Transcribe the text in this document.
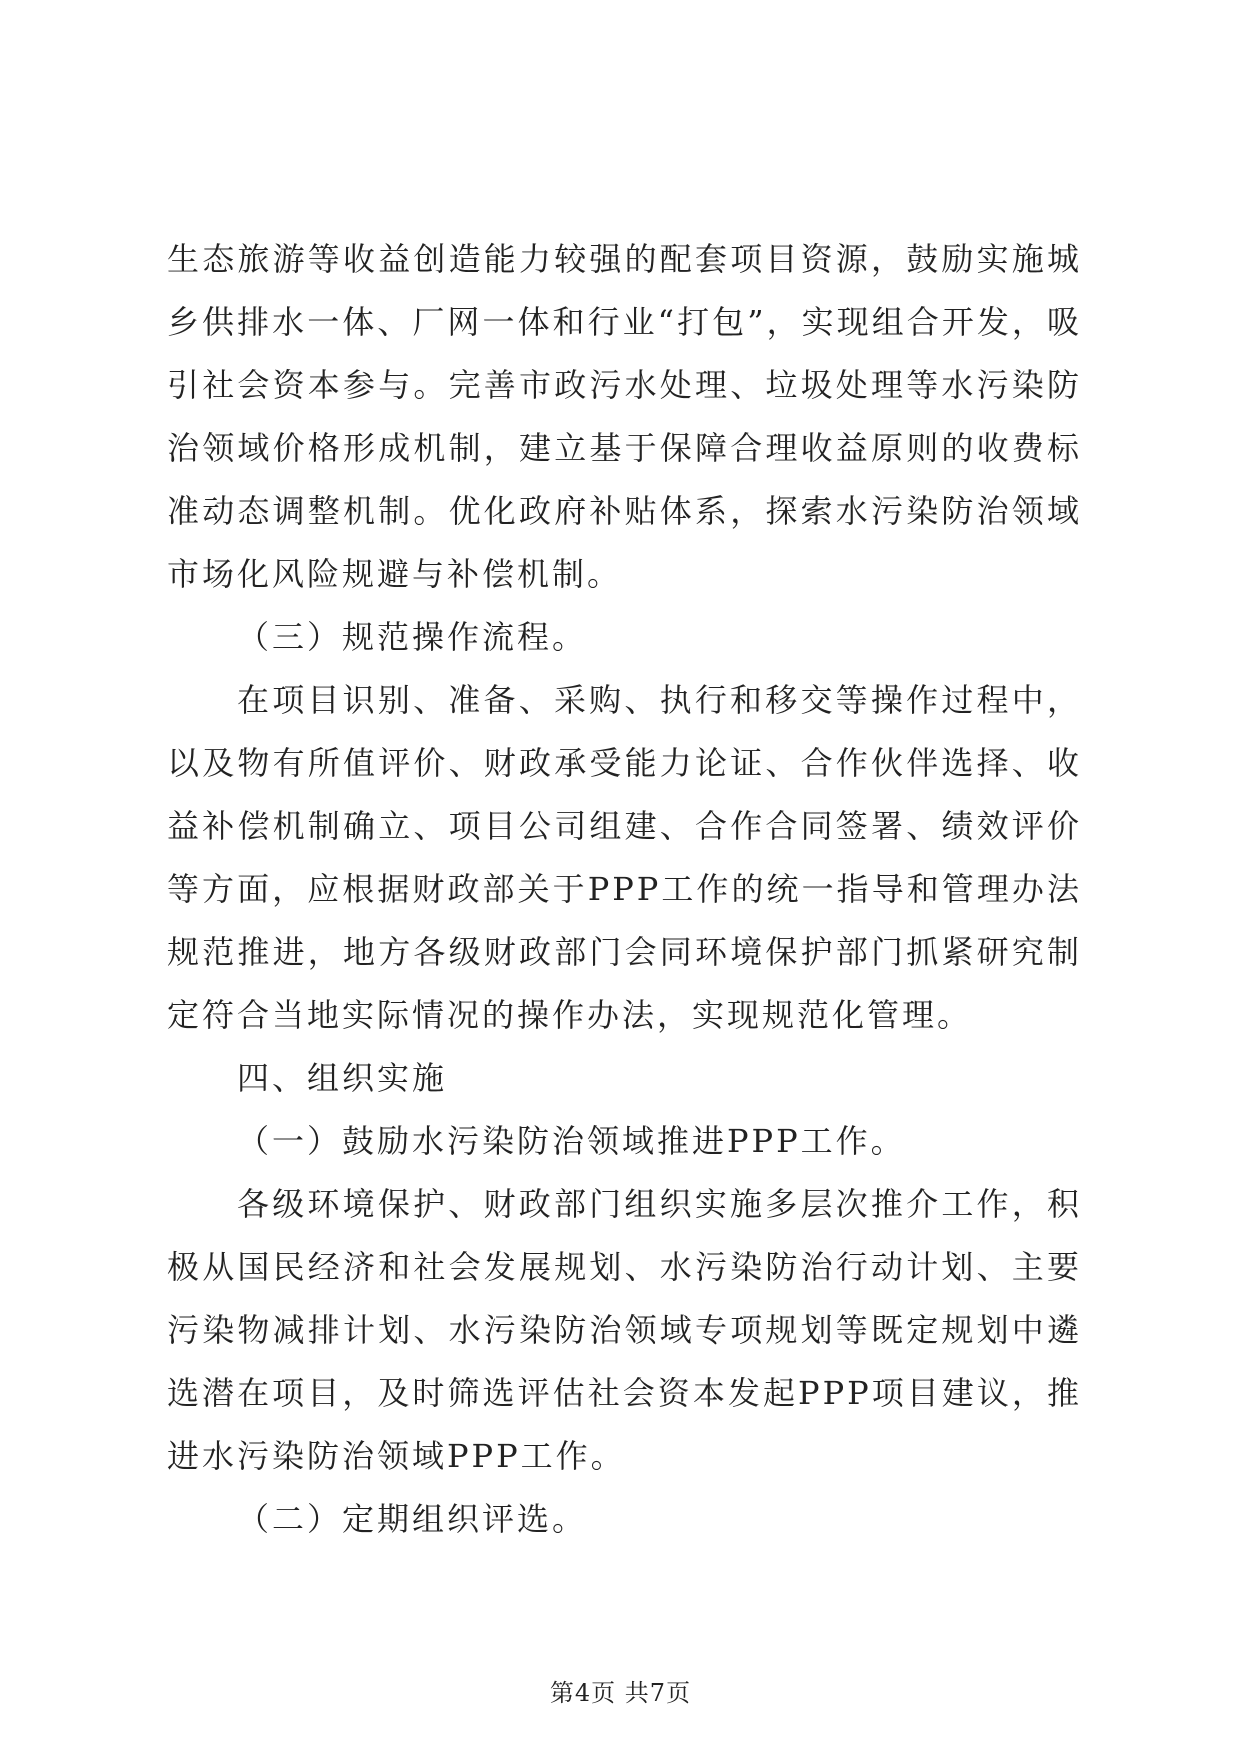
生态旅游等收益创造能力较强的配套项目资源，鼓励实施城乡供排水一体、厂网一体和行业“打包”，实现组合开发，吸引社会资本参与。完善市政污水处理、垃圾处理等水污染防治领域价格形成机制，建立基于保障合理收益原则的收费标准动态调整机制。优化政府补贴体系，探索水污染防治领域市场化风险规避与补偿机制。

（三）规范操作流程。

在项目识别、准备、采购、执行和移交等操作过程中，以及物有所值评价、财政承受能力论证、合作伙伴选择、收益补偿机制确立、项目公司组建、合作合同签署、绩效评价等方面，应根据财政部关于PPP工作的统一指导和管理办法规范推进，地方各级财政部门会同环境保护部门抓紧研究制定符合当地实际情况的操作办法，实现规范化管理。

四、组织实施

（一）鼓励水污染防治领域推进PPP工作。

各级环境保护、财政部门组织实施多层次推介工作，积极从国民经济和社会发展规划、水污染防治行动计划、主要污染物减排计划、水污染防治领域专项规划等既定规划中遴选潜在项目，及时筛选评估社会资本发起PPP项目建议，推进水污染防治领域PPP工作。

（二）定期组织评选。

第4页 共7页
